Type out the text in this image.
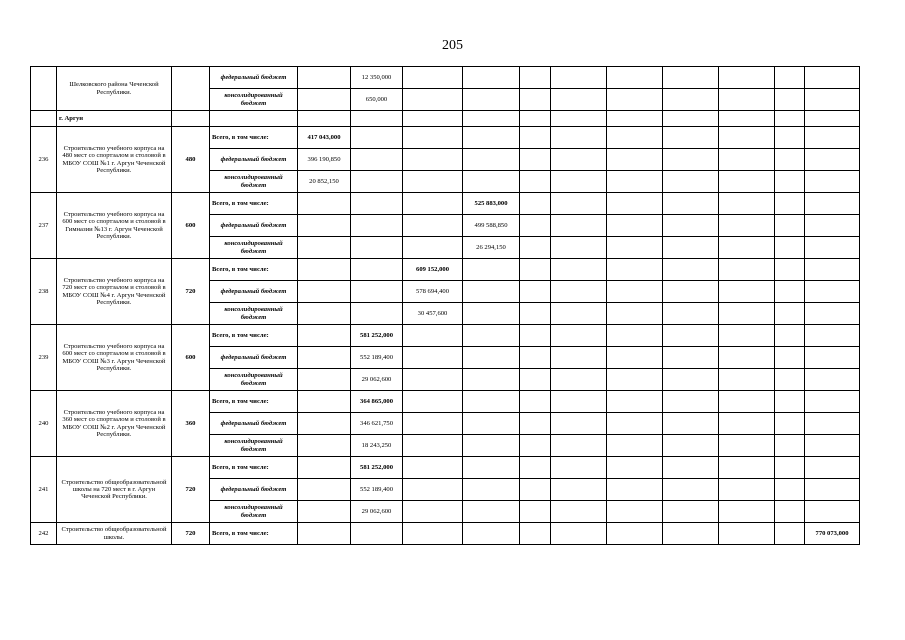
205
	Шелковского района Чеченской Республики.		федеральный бюджет		12 350,000									
			консолидированный бюджет		650,000									
	г. Аргун													
236	Строительство учебного корпуса на 480 мест со спортзалом и столовой в МБОУ СОШ №1 г. Аргун Чеченской Республики.	480	Всего, в том числе:	417 043,000										
			федеральный бюджет	396 190,850										
			консолидированный бюджет	20 852,150										
237	Строительство учебного корпуса на 600 мест со спортзалом и столовой в Гимназии №13 г. Аргун Чеченской Республики.	600	Всего, в том числе:				525 883,000							
			федеральный бюджет				499 588,850							
			консолидированный бюджет				26 294,150							
238	Строительство учебного корпуса на 720 мест со спортзалом и столовой в МБОУ СОШ №4 г. Аргун Чеченской Республики.	720	Всего, в том числе:			609 152,000								
			федеральный бюджет			578 694,400								
			консолидированный бюджет			30 457,600								
239	Строительство учебного корпуса на 600 мест со спортзалом и столовой в МБОУ СОШ №3 г. Аргун Чеченской Республики.	600	Всего, в том числе:		581 252,000									
			федеральный бюджет		552 189,400									
			консолидированный бюджет		29 062,600									
240	Строительство учебного корпуса на 360 мест со спортзалом и столовой в МБОУ СОШ №2 г. Аргун Чеченской Республики.	360	Всего, в том числе:		364 865,000									
			федеральный бюджет		346 621,750									
			консолидированный бюджет		18 243,250									
241	Строительство общеобразовательной школы на 720 мест в г. Аргун Чеченской Республики.	720	Всего, в том числе:		581 252,000									
			федеральный бюджет		552 189,400									
			консолидированный бюджет		29 062,600									
242	Строительство общеобразовательной школы.	720	Всего, в том числе:											770 073,000
